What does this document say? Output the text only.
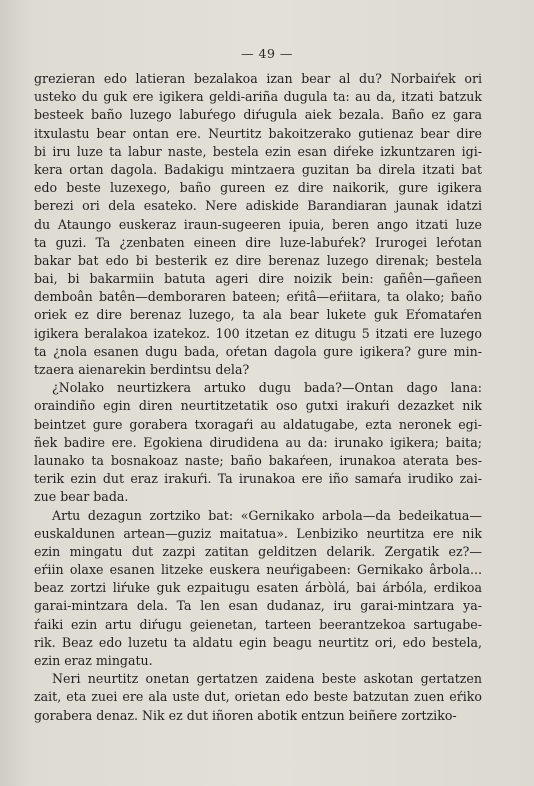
— 49 —
grezieran edo latieran bezalakoa izan bear al du? Norbaiŕek ori
usteko du guk ere igikera geldi-ariña dugula ta: au da, itzati batzuk
besteek baño luzego labuŕego diŕugula aiek bezala. Baño ez gara
itxulastu bear ontan ere. Neurtitz bakoitzerako gutienaz bear dire
bi iru luze ta labur naste, bestela ezin esan diŕeke izkuntzaren igi-
kera ortan dagola. Badakigu mintzaera guzitan ba direla itzati bat
edo beste luzexego, baño gureen ez dire naikorik, gure igikera
berezi ori dela esateko. Nere adiskide Barandiaran jaunak idatzi
du Ataungo euskeraz iraun-sugeeren ipuia, beren ango itzati luze
ta guzi. Ta ¿zenbaten eineen dire luze-labuŕek? Irurogei leŕotan
bakar bat edo bi besterik ez dire berenaz luzego direnak; bestela
bai, bi bakarmiin batuta ageri dire noizik bein: gañên—gañeen
demboân batên—demboraren bateen; eŕitâ—eŕiitara, ta olako; baño
oriek ez dire berenaz luzego, ta ala bear lukete guk Eŕomataŕen
igikera beralakoa izatekoz. 100 itzetan ez ditugu 5 itzati ere luzego
ta ¿nola esanen dugu bada, oŕetan dagola gure igikera? gure min-
tzaera aienarekin berdintsu dela?
¿Nolako neurtizkera artuko dugu bada?—Ontan dago lana:
oraindiño egin diren neurtitzetatik oso gutxi irakuŕi dezazket nik
beintzet gure gorabera txoragaŕi au aldatugabe, ezta neronek egi-
ñek badire ere. Egokiena dirudidena au da: irunako igikera; baita;
launako ta bosnakoaz naste; baño bakaŕeen, irunakoa aterata bes-
terik ezin dut eraz irakuŕi. Ta irunakoa ere iño samaŕa irudiko zai-
zue bear bada.
Artu dezagun zortziko bat: «Gernikako arbola—da bedeikatua—
euskaldunen artean—guziz maitatua». Lenbiziko neurtitza ere nik
ezin mingatu dut zazpi zatitan gelditzen delarik. Zergatik ez?—
eŕiin olaxe esanen litzeke euskera neuŕigabeen: Gernikako ârbola...
beaz zortzi liŕuke guk ezpaitugu esaten árbòlá, bai árbóla, erdikoa
garai-mintzara dela. Ta len esan dudanaz, iru garai-mintzara ya-
ŕaiki ezin artu diŕugu geienetan, tarteen beerantzekoa sartugabe-
rik. Beaz edo luzetu ta aldatu egin beagu neurtitz ori, edo bestela,
ezin eraz mingatu.
Neri neurtitz onetan gertatzen zaidena beste askotan gertatzen
zait, eta zuei ere ala uste dut, orietan edo beste batzutan zuen eŕiko
gorabera denaz. Nik ez dut iñoren abotik entzun beiñere zortziko-
